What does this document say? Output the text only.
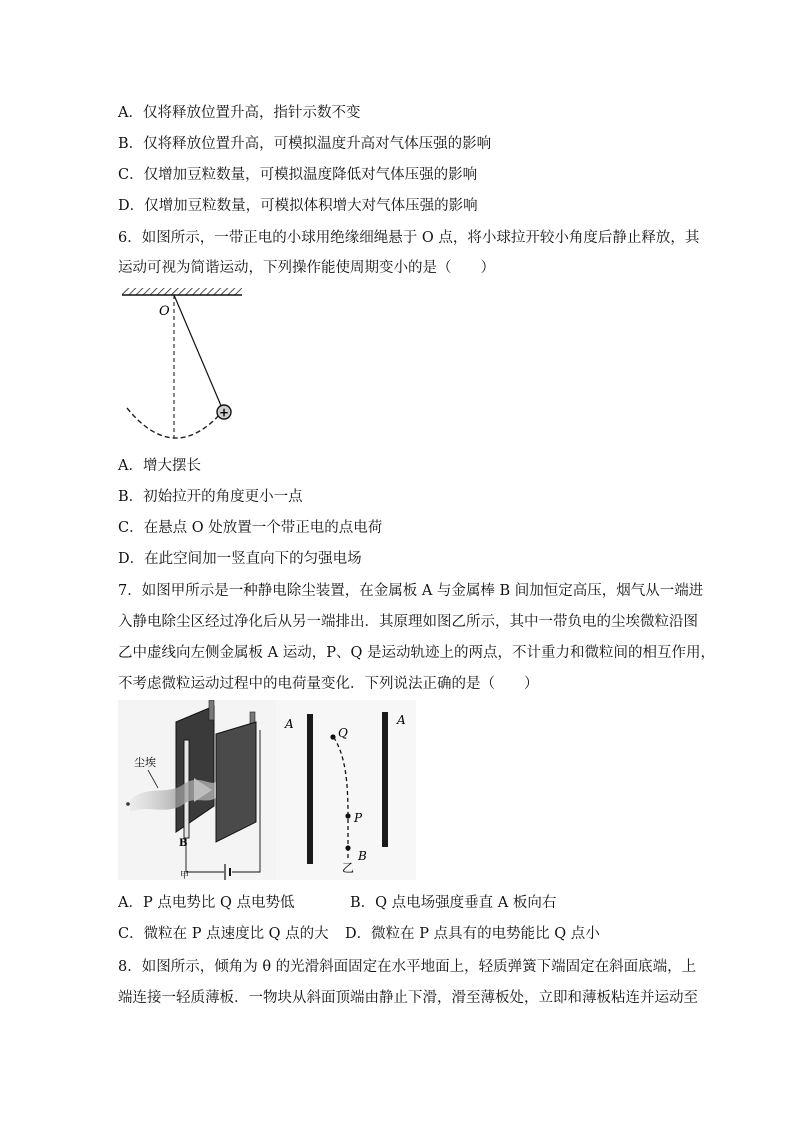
A．仅将释放位置升高，指针示数不变
B．仅将释放位置升高，可模拟温度升高对气体压强的影响
C．仅增加豆粒数量，可模拟温度降低对气体压强的影响
D．仅增加豆粒数量，可模拟体积增大对气体压强的影响
6．如图所示，一带正电的小球用绝缘细绳悬于 O 点，将小球拉开较小角度后静止释放，其
运动可视为简谐运动，下列操作能使周期变小的是（　　）
+
O
A．增大摆长
B．初始拉开的角度更小一点
C．在悬点 O 处放置一个带正电的点电荷
D．在此空间加一竖直向下的匀强电场
7．如图甲所示是一种静电除尘装置，在金属板 A 与金属棒 B 间加恒定高压，烟气从一端进
入静电除尘区经过净化后从另一端排出．其原理如图乙所示，其中一带负电的尘埃微粒沿图
乙中虚线向左侧金属板 A 运动，P、Q 是运动轨迹上的两点，不计重力和微粒间的相互作用，
不考虑微粒运动过程中的电荷量变化．下列说法正确的是（　　）
尘埃
B
甲
A	A
Q
P
B
乙
A．P 点电势比 Q 点电势低	B．Q 点电场强度垂直 A 板向右
C．微粒在 P 点速度比 Q 点的大 D．微粒在 P 点具有的电势能比 Q 点小
8．如图所示，倾角为 θ 的光滑斜面固定在水平地面上，轻质弹簧下端固定在斜面底端，上
端连接一轻质薄板．一物块从斜面顶端由静止下滑，滑至薄板处，立即和薄板粘连并运动至
